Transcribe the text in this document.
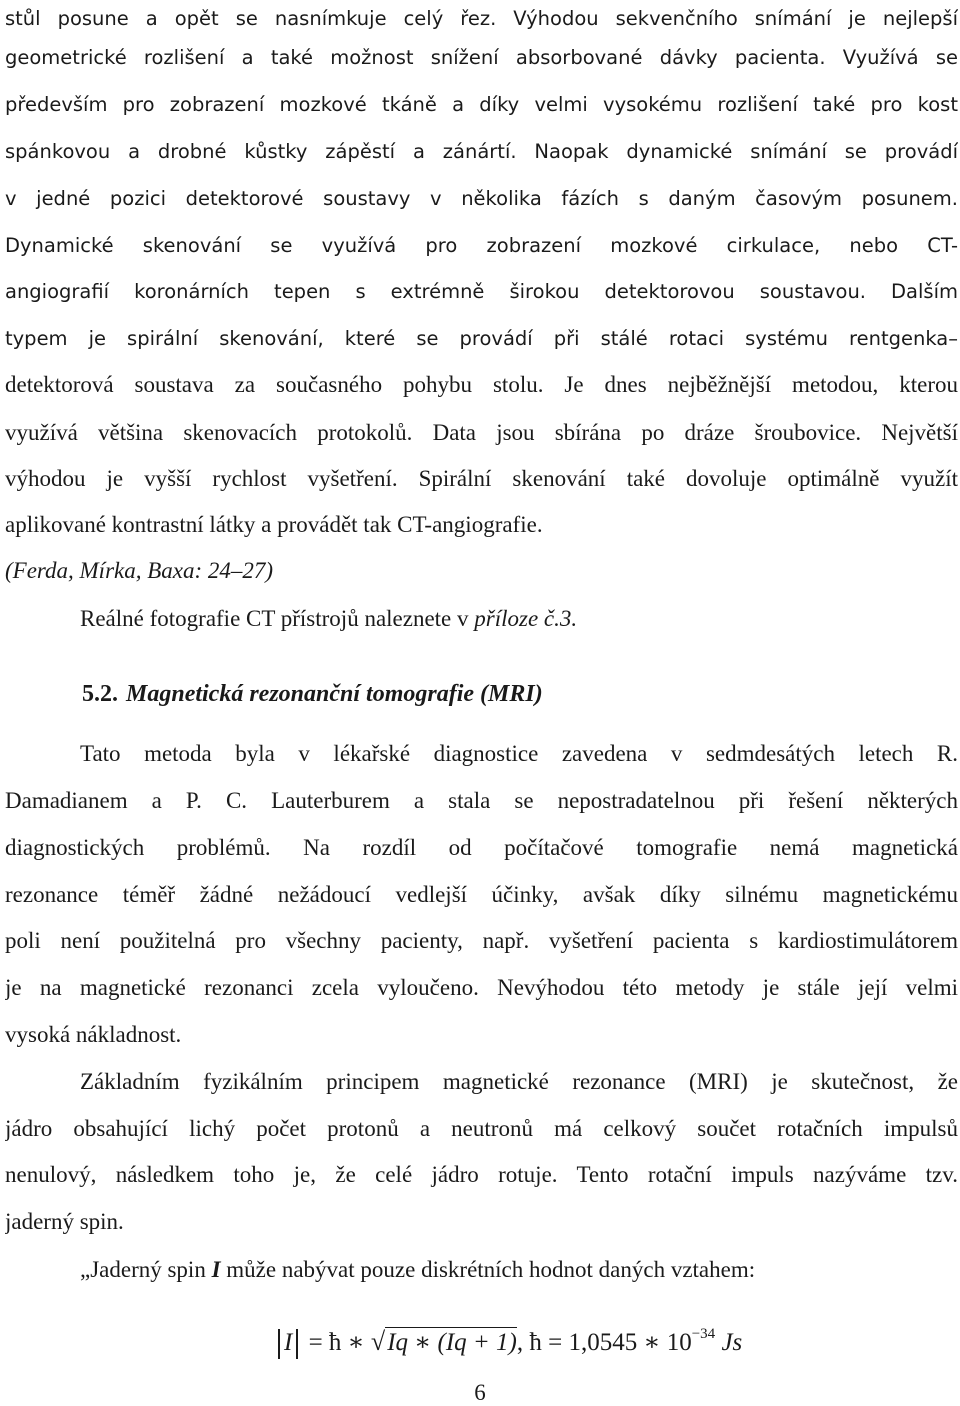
stůl posune a opět se nasnímkuje celý řez. Výhodou sekvenčního snímání je nejlepší
geometrické rozlišení a také možnost snížení absorbované dávky pacienta. Využívá se
především pro zobrazení mozkové tkáně a díky velmi vysokému rozlišení také pro kost
spánkovou a drobné kůstky zápěstí a zánártí. Naopak dynamické snímání se provádí
v jedné pozici detektorové soustavy v několika fázích s daným časovým posunem.
Dynamické skenování se využívá pro zobrazení mozkové cirkulace, nebo CT-
angiografií koronárních tepen s extrémně širokou detektorovou soustavou. Dalším
typem je spirální skenování, které se provádí při stálé rotaci systému rentgenka–
detektorová soustava za současného pohybu stolu. Je dnes nejběžnější metodou, kterou
využívá většina skenovacích protokolů. Data jsou sbírána po dráze šroubovice. Největší
výhodou je vyšší rychlost vyšetření. Spirální skenování také dovoluje optimálně využít
aplikované kontrastní látky a provádět tak CT-angiografie.
(Ferda, Mírka, Baxa: 24–27)
Reálné fotografie CT přístrojů naleznete v příloze č.3.
5.2. Magnetická rezonanční tomografie (MRI)
Tato metoda byla v lékařské diagnostice zavedena v sedmdesátých letech R.
Damadianem a P. C. Lauterburem a stala se nepostradatelnou při řešení některých
diagnostických problémů. Na rozdíl od počítačové tomografie nemá magnetická
rezonance téměř žádné nežádoucí vedlejší účinky, avšak díky silnému magnetickému
poli není použitelná pro všechny pacienty, např. vyšetření pacienta s kardiostimulátorem
je na magnetické rezonanci zcela vyloučeno. Nevýhodou této metody je stále její velmi
vysoká nákladnost.
Základním fyzikálním principem magnetické rezonance (MRI) je skutečnost, že
jádro obsahující lichý počet protonů a neutronů má celkový součet rotačních impulsů
nenulový, následkem toho je, že celé jádro rotuje. Tento rotační impuls nazýváme tzv.
jaderný spin.
„Jaderný spin I může nabývat pouze diskrétních hodnot daných vztahem:
I = ħ ∗ √Iq ∗ (Iq + 1), ħ = 1,0545 ∗ $10^{-34}$ Js
6
